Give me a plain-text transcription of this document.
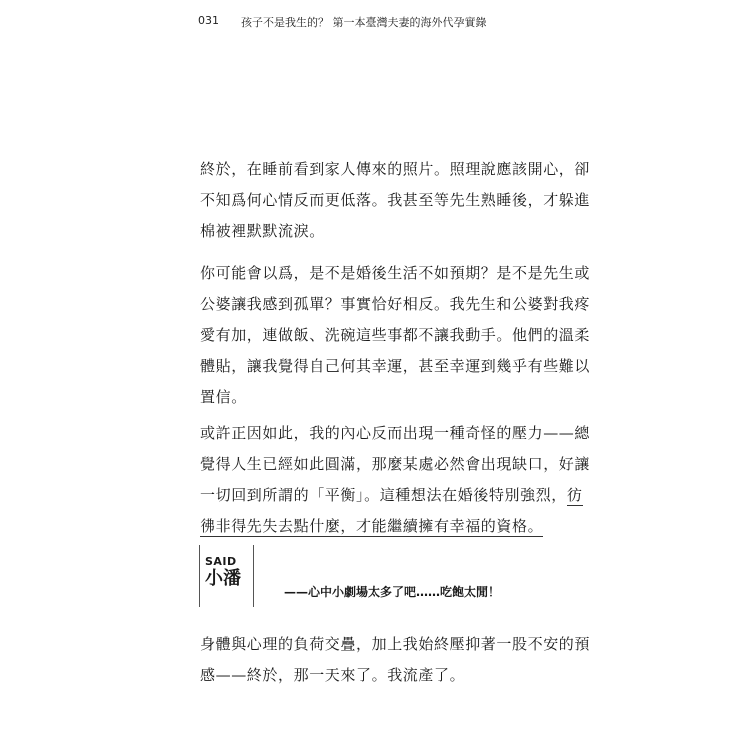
031 孩子不是我生的？ 第一本臺灣夫妻的海外代孕實錄
終於，在睡前看到家人傳來的照片。照理說應該開心，卻
不知爲何心情反而更低落。我甚至等先生熟睡後，才躲進
棉被裡默默流淚。
你可能會以爲，是不是婚後生活不如預期？是不是先生或
公婆讓我感到孤單？事實恰好相反。我先生和公婆對我疼
愛有加，連做飯、洗碗這些事都不讓我動手。他們的溫柔
體貼，讓我覺得自己何其幸運，甚至幸運到幾乎有些難以
置信。
或許正因如此，我的內心反而出現一種奇怪的壓力——總
覺得人生已經如此圓滿，那麼某處必然會出現缺口，好讓
一切回到所謂的「平衡」。這種想法在婚後特別強烈，彷
彿非得先失去點什麼，才能繼續擁有幸福的資格。
SAID
小潘
——心中小劇場太多了吧……吃飽太閒！
身體與心理的負荷交疊，加上我始終壓抑著一股不安的預
感——終於，那一天來了。我流產了。
